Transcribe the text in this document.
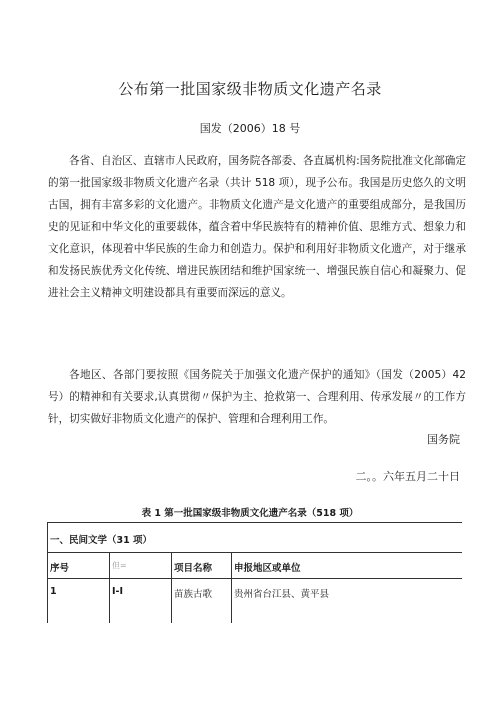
公布第一批国家级非物质文化遗产名录
国发（2006）18 号
各省、自治区、直辖市人民政府，国务院各部委、各直属机构:国务院批准文化部确定的第一批国家级非物质文化遗产名录（共计 518 项），现予公布。我国是历史悠久的文明古国，拥有丰富多彩的文化遗产。非物质文化遗产是文化遗产的重要组成部分，是我国历史的见证和中华文化的重要载体，蕴含着中华民族特有的精神价值、思维方式、想象力和文化意识，体现着中华民族的生命力和创造力。保护和利用好非物质文化遗产，对于继承和发扬民族优秀文化传统、增进民族团结和维护国家统一、增强民族自信心和凝聚力、促进社会主义精神文明建设都具有重要而深远的意义。
各地区、各部门要按照《国务院关于加强文化遗产保护的通知》（国发（2005）42 号）的精神和有关要求,认真贯彻〃保护为主、抢救第一、合理利用、传承发展〃的工作方针，切实做好非物质文化遗产的保护、管理和合理利用工作。
国务院
二。。六年五月二十日
表 1 第一批国家级非物质文化遗产名录（518 项）
一、民间文学（31 项）
序号	但=	项目名称	申报地区或单位
1	I-I	苗族古歌	贵州省台江县、黄平县
